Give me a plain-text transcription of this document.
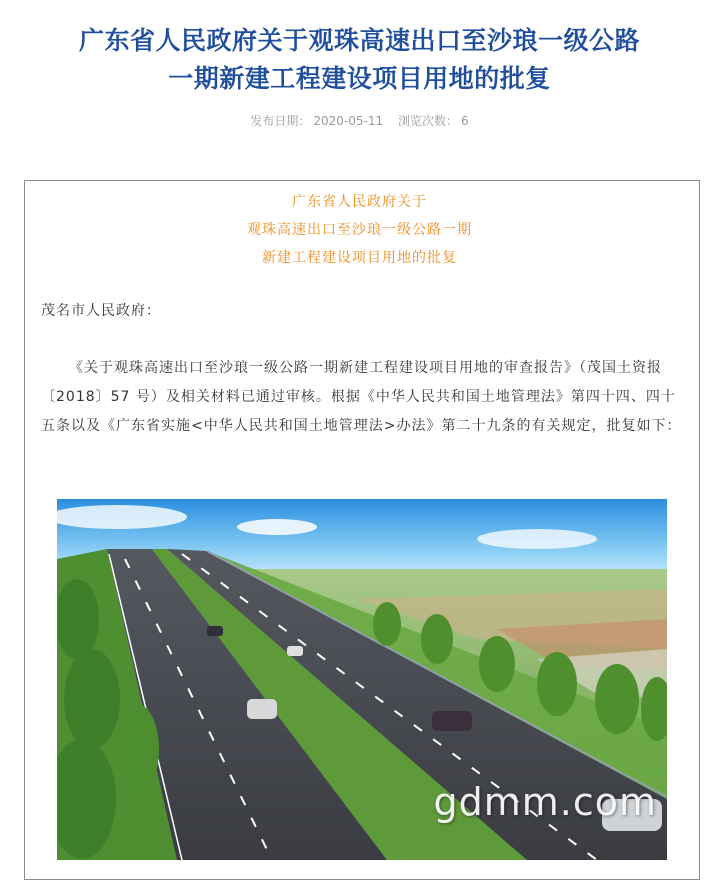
广东省人民政府关于观珠高速出口至沙琅一级公路
一期新建工程建设项目用地的批复
发布日期： 2020-05-11 浏览次数： 6
广东省人民政府关于
观珠高速出口至沙琅一级公路一期
新建工程建设项目用地的批复
茂名市人民政府：
《关于观珠高速出口至沙琅一级公路一期新建工程建设项目用地的审查报告》（茂国土资报〔2018〕57 号）及相关材料已通过审核。根据《中华人民共和国土地管理法》第四十四、四十五条以及《广东省实施<中华人民共和国土地管理法>办法》第二十九条的有关规定，批复如下：
gdmm.com
